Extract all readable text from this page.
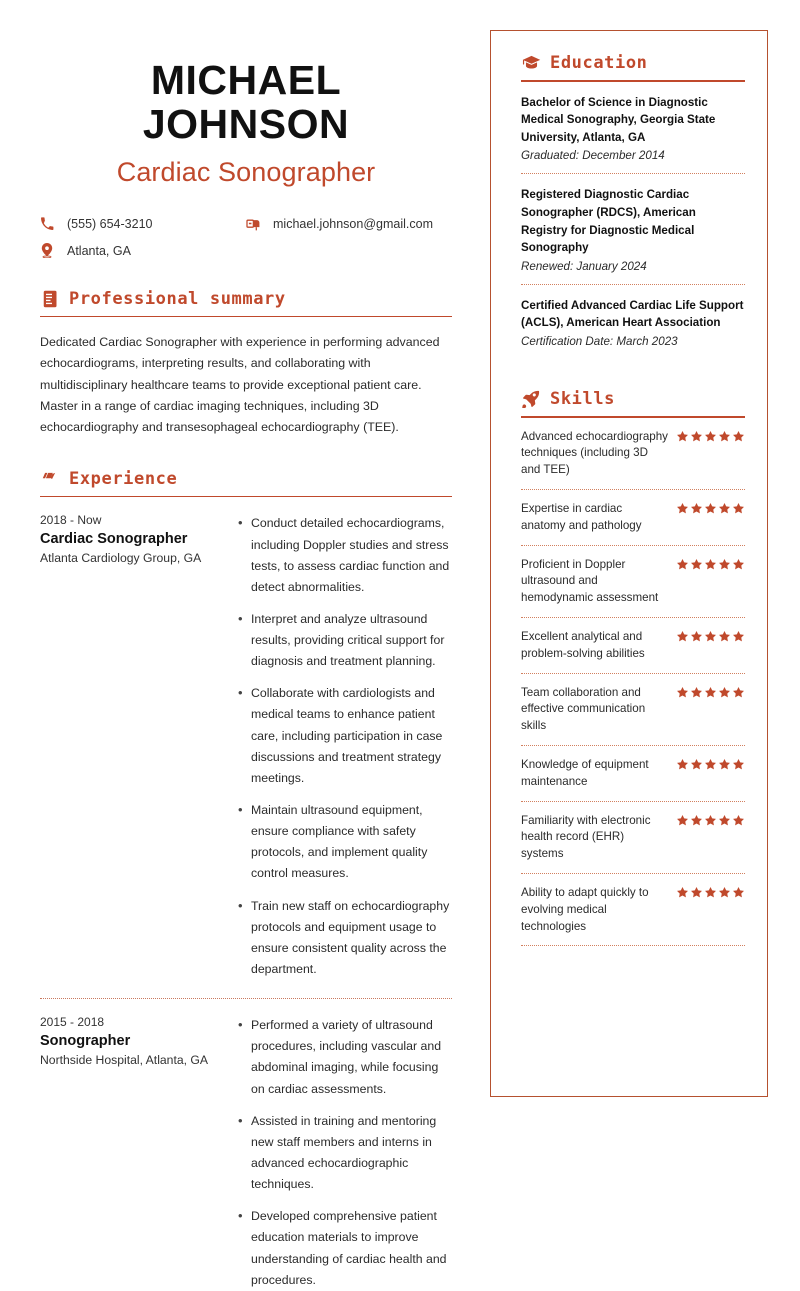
MICHAEL
JOHNSON
Cardiac Sonographer
(555) 654-3210	michael.johnson@gmail.com
Atlanta, GA
Professional summary
Dedicated Cardiac Sonographer with experience in performing advanced echocardiograms, interpreting results, and collaborating with multidisciplinary healthcare teams to provide exceptional patient care. Master in a range of cardiac imaging techniques, including 3D echocardiography and transesophageal echocardiography (TEE).
Experience
2018 - Now
Cardiac Sonographer
Atlanta Cardiology Group, GA
• Conduct detailed echocardiograms, including Doppler studies and stress tests, to assess cardiac function and detect abnormalities.
• Interpret and analyze ultrasound results, providing critical support for diagnosis and treatment planning.
• Collaborate with cardiologists and medical teams to enhance patient care, including participation in case discussions and treatment strategy meetings.
• Maintain ultrasound equipment, ensure compliance with safety protocols, and implement quality control measures.
• Train new staff on echocardiography protocols and equipment usage to ensure consistent quality across the department.
2015 - 2018
Sonographer
Northside Hospital, Atlanta, GA
• Performed a variety of ultrasound procedures, including vascular and abdominal imaging, while focusing on cardiac assessments.
• Assisted in training and mentoring new staff members and interns in advanced echocardiographic techniques.
• Developed comprehensive patient education materials to improve understanding of cardiac health and procedures.
Education
Bachelor of Science in Diagnostic Medical Sonography, Georgia State University, Atlanta, GA
Graduated: December 2014
Registered Diagnostic Cardiac Sonographer (RDCS), American Registry for Diagnostic Medical Sonography
Renewed: January 2024
Certified Advanced Cardiac Life Support (ACLS), American Heart Association
Certification Date: March 2023
Skills
Advanced echocardiography techniques (including 3D and TEE)
Expertise in cardiac anatomy and pathology
Proficient in Doppler ultrasound and hemodynamic assessment
Excellent analytical and problem-solving abilities
Team collaboration and effective communication skills
Knowledge of equipment maintenance
Familiarity with electronic health record (EHR) systems
Ability to adapt quickly to evolving medical technologies
